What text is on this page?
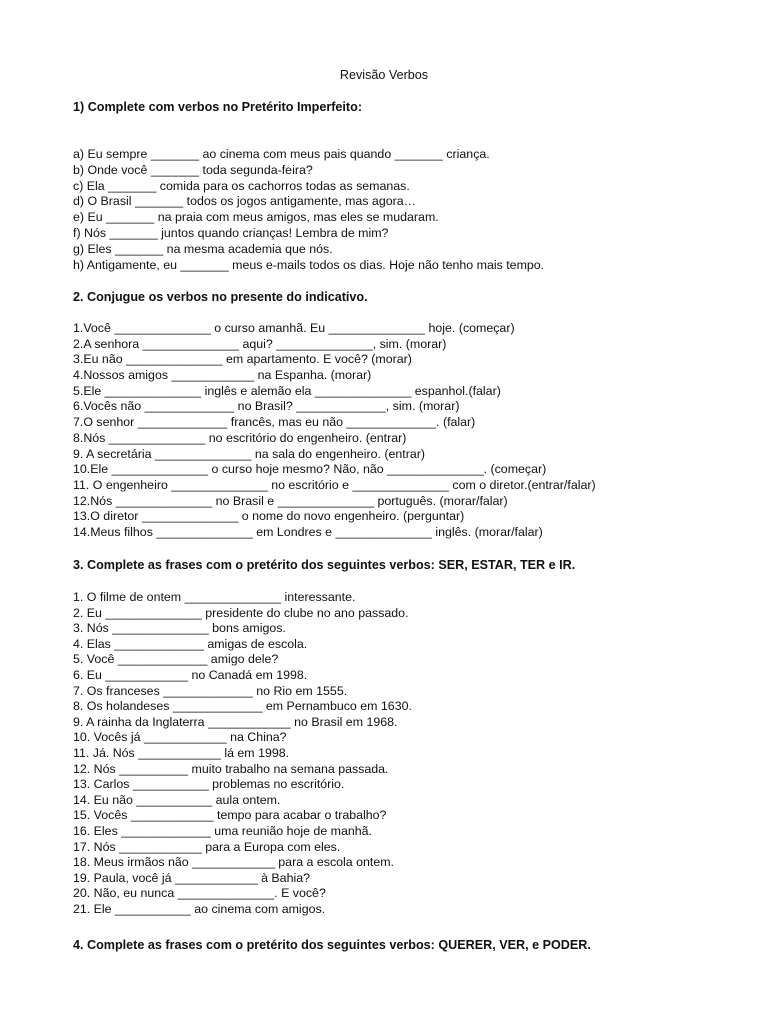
Revisão Verbos
1) Complete com verbos no Pretérito Imperfeito:
a) Eu sempre _______ ao cinema com meus pais quando _______ criança.
b) Onde você _______ toda segunda-feira?
c) Ela _______ comida para os cachorros todas as semanas.
d) O Brasil _______ todos os jogos antigamente, mas agora…
e) Eu _______ na praia com meus amigos, mas eles se mudaram.
f) Nós _______ juntos quando crianças! Lembra de mim?
g) Eles _______ na mesma academia que nós.
h) Antigamente, eu _______ meus e-mails todos os dias. Hoje não tenho mais tempo.
2. Conjugue os verbos no presente do indicativo.
1.Você ______________ o curso amanhã. Eu ______________ hoje. (começar)
2.A senhora ______________ aqui? ______________, sim. (morar)
3.Eu não ______________ em apartamento. E você? (morar)
4.Nossos amigos ____________ na Espanha. (morar)
5.Ele ______________ inglês e alemão ela ______________ espanhol.(falar)
6.Vocês não _____________ no Brasil? _____________, sim. (morar)
7.O senhor _____________ francês, mas eu não _____________. (falar)
8.Nós ______________ no escritório do engenheiro. (entrar)
9. A secretária ______________ na sala do engenheiro. (entrar)
10.Ele ______________ o curso hoje mesmo? Não, não ______________. (começar)
11. O engenheiro ______________ no escritório e ______________ com o diretor.(entrar/falar)
12.Nós ______________ no Brasil e ______________ português. (morar/falar)
13.O diretor ______________ o nome do novo engenheiro. (perguntar)
14.Meus filhos ______________ em Londres e ______________ inglês. (morar/falar)
3. Complete as frases com o pretérito dos seguintes verbos: SER, ESTAR, TER e IR.
1. O filme de ontem ______________ interessante.
2. Eu ______________ presidente do clube no ano passado.
3. Nós ______________ bons amigos.
4. Elas _____________ amigas de escola.
5. Você _____________ amigo dele?
6. Eu ____________ no Canadá em 1998.
7. Os franceses _____________ no Rio em 1555.
8. Os holandeses _____________ em Pernambuco em 1630.
9. A rainha da Inglaterra ____________ no Brasil em 1968.
10. Vocês já ____________ na China?
11. Já. Nós ____________ lá em 1998.
12. Nós __________ muito trabalho na semana passada.
13. Carlos ___________ problemas no escritório.
14. Eu não ___________ aula ontem.
15. Vocês ____________ tempo para acabar o trabalho?
16. Eles _____________ uma reunião hoje de manhã.
17. Nós ____________ para a Europa com eles.
18. Meus irmãos não ____________ para a escola ontem.
19. Paula, você já ____________ à Bahia?
20. Não, eu nunca ______________. E você?
21. Ele ___________ ao cinema com amigos.
4. Complete as frases com o pretérito dos seguintes verbos: QUERER, VER, e PODER.
